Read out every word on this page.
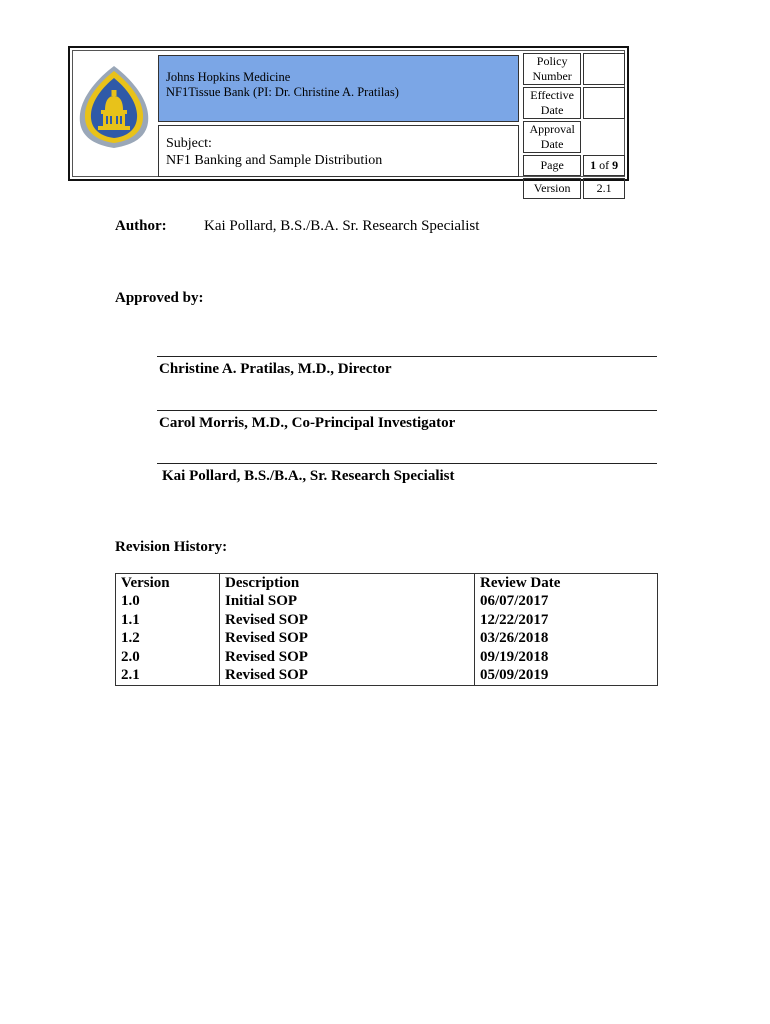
Johns Hopkins Medicine
NF1Tissue Bank (PI: Dr. Christine A. Pratilas)
Subject:
NF1 Banking and Sample Distribution
Policy Number	
Effective Date	
Approval Date	
Page	1 of 9
Version	2.1
Author: Kai Pollard, B.S./B.A. Sr. Research Specialist
Approved by:
Christine A. Pratilas, M.D., Director
Carol Morris, M.D., Co-Principal Investigator
Kai Pollard, B.S./B.A., Sr. Research Specialist
Revision History:
Version	Description	Review Date
1.0	Initial SOP	06/07/2017
1.1	Revised SOP	12/22/2017
1.2	Revised SOP	03/26/2018
2.0	Revised SOP	09/19/2018
2.1	Revised SOP	05/09/2019
